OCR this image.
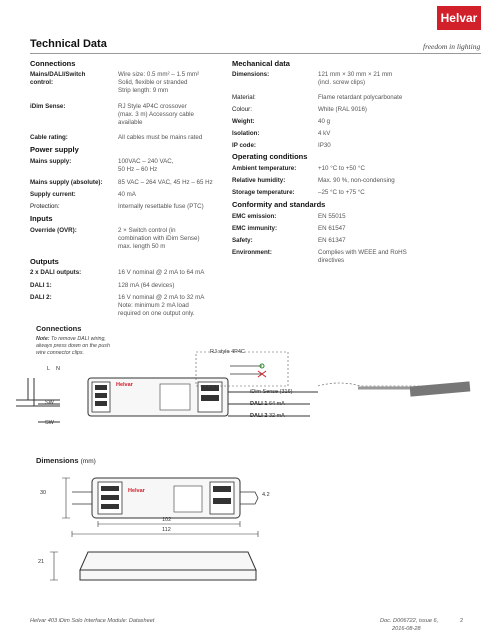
Helvar
freedom in lighting
Technical Data
Connections
Mains/DALI/Switch control:
Wire size: 0.5 mm² – 1.5 mm²
Solid, flexible or stranded
Strip length: 9 mm
iDim Sense:	RJ Style 4P4C crossover
(max. 3 m) Accessory cable
available
Cable rating:	All cables must be mains rated
Power supply
Mains supply:	100VAC – 240 VAC,
50 Hz – 60 Hz
Mains supply (absolute): 85 VAC – 264 VAC, 45 Hz – 65 Hz
Supply current:	40 mA
Protection:	Internally resettable fuse (PTC)
Inputs
Override (OVR):	2 × Switch control (in
combination with iDim Sense)
max. length 50 m
Outputs
2 x DALI outputs:	16 V nominal @ 2 mA to 64 mA
DALI 1:	128 mA (64 devices)
DALI 2:	16 V nominal @ 2 mA to 32 mA
Note: minimum 2 mA load
required on one output only.
Mechanical data
Dimensions:	121 mm × 30 mm × 21 mm
(incl. screw clips)
Material:	Flame retardant polycarbonate
Colour:	White (RAL 9016)
Weight:	40 g
Isolation:	4 kV
IP code:	IP30
Operating conditions
Ambient temperature:	+10 °C to +50 °C
Relative humidity:	Max. 90 %, non-condensing
Storage temperature:	–25 °C to +75 °C
Conformity and standards
EMC emission:	EN 55015
EMC immunity:	EN 61547
Safety:	EN 61347
Environment:	Complies with WEEE and RoHS
directives
Connections
Note: To remove DALI wiring,
always press down on the push
wire connector clips.
L N
SW
SW
Helvar
RJ style 4P4C
iDim Sense (316)
DALI 1 64 mA
DALI 2 32 mA
Dimensions (mm)
30	4.2
102
112
21
Helvar
Helvar 403 iDim Solo Interface Module: Datasheet	Doc. D006722, issue 6,
2016-08-28
2
